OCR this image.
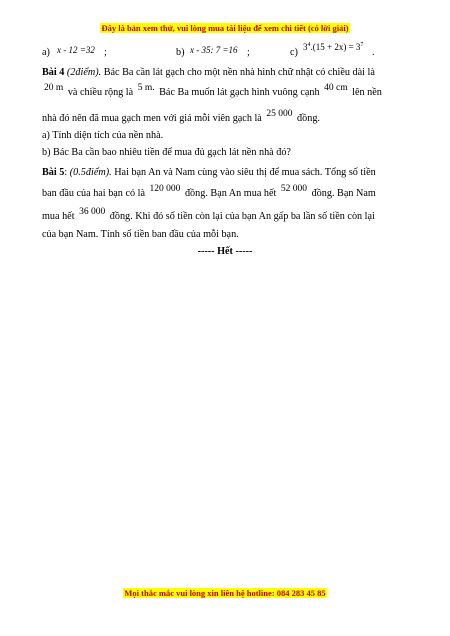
Đây là bản xem thử, vui lòng mua tài liệu để xem chi tiết (có lời giải)
a) x - 12 =32 ;	b) x - 35: 7 =16 ;	c) $3^4.(15 + 2x) = 3^7$
.

Bài 4 (2điểm). Bác Ba cần lát gạch cho một nền nhà hình chữ nhật có chiều dài là

20 m và chiều rộng là 5 m. Bác Ba muốn lát gạch hình vuông cạnh 40 cm lên nền

nhà đó nên đã mua gạch men với giá mỗi viên gạch là 25 000 đồng.

a) Tính diện tích của nền nhà.

b) Bác Ba cần bao nhiêu tiền để mua đủ gạch lát nền nhà đó?

Bài 5: (0.5điểm). Hai bạn An và Nam cùng vào siêu thị để mua sách. Tổng số tiền

ban đầu của hai bạn có là 120 000 đồng. Bạn An mua hết 52 000 đồng. Bạn Nam

mua hết 36 000 đồng. Khi đó số tiền còn lại của bạn An gấp ba lần số tiền còn lại

của bạn Nam. Tính số tiền ban đầu của mỗi bạn.

----- Hết -----

Mọi thắc mắc vui lòng xin liên hệ hotline: 084 283 45 85
